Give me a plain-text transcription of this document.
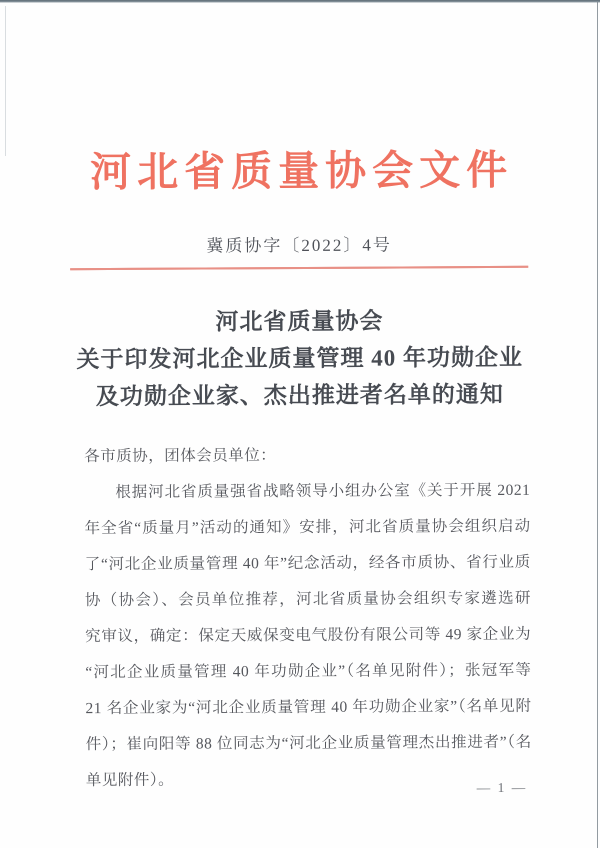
河北省质量协会文件
冀质协字〔2022〕4号
河北省质量协会
关于印发河北企业质量管理 40 年功勋企业
及功勋企业家、杰出推进者名单的通知
各市质协，团体会员单位：
根据河北省质量强省战略领导小组办公室《关于开展 2021
年全省“质量月”活动的通知》安排，河北省质量协会组织启动
了“河北企业质量管理 40 年”纪念活动，经各市质协、省行业质
协（协会）、会员单位推荐，河北省质量协会组织专家遴选研
究审议，确定：保定天威保变电气股份有限公司等 49 家企业为
“河北企业质量管理 40 年功勋企业”（名单见附件）；张冠军等
21 名企业家为“河北企业质量管理 40 年功勋企业家”（名单见附
件）；崔向阳等 88 位同志为“河北企业质量管理杰出推进者”（名
单见附件）。	— 1 —
